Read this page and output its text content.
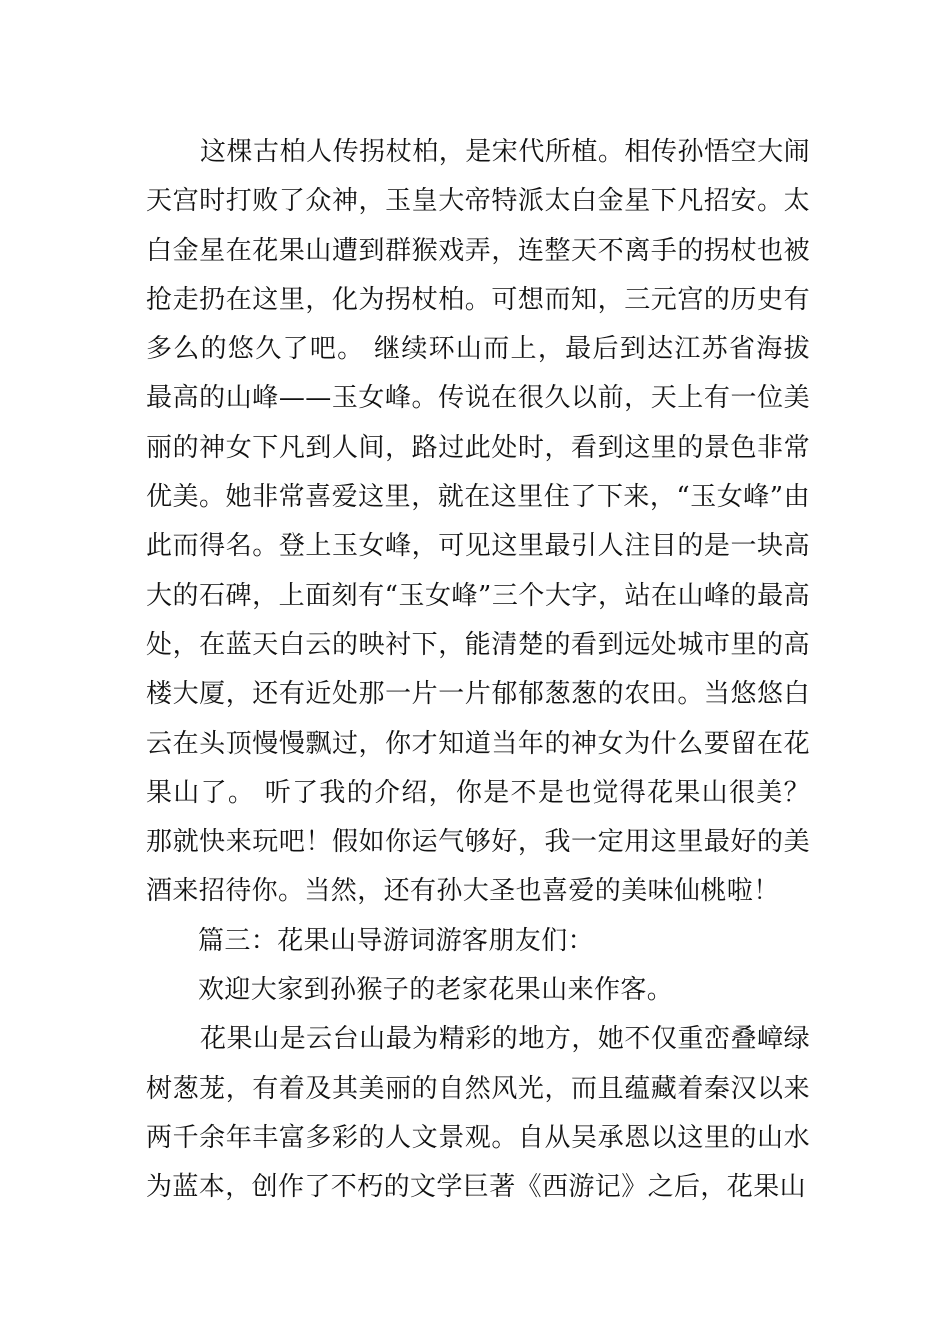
这棵古柏人传拐杖柏，是宋代所植。相传孙悟空大闹天宫时打败了众神，玉皇大帝特派太白金星下凡招安。太白金星在花果山遭到群猴戏弄，连整天不离手的拐杖也被抢走扔在这里，化为拐杖柏。可想而知，三元宫的历史有多么的悠久了吧。 继续环山而上，最后到达江苏省海拔最高的山峰——玉女峰。传说在很久以前，天上有一位美丽的神女下凡到人间，路过此处时，看到这里的景色非常优美。她非常喜爱这里，就在这里住了下来，“玉女峰”由此而得名。登上玉女峰，可见这里最引人注目的是一块高大的石碑，上面刻有“玉女峰”三个大字，站在山峰的最高处，在蓝天白云的映衬下，能清楚的看到远处城市里的高楼大厦，还有近处那一片一片郁郁葱葱的农田。当悠悠白云在头顶慢慢飘过，你才知道当年的神女为什么要留在花果山了。 听了我的介绍，你是不是也觉得花果山很美？那就快来玩吧！假如你运气够好，我一定用这里最好的美酒来招待你。当然，还有孙大圣也喜爱的美味仙桃啦！

篇三：花果山导游词游客朋友们：

欢迎大家到孙猴子的老家花果山来作客。

花果山是云台山最为精彩的地方，她不仅重峦叠嶂绿树葱茏，有着及其美丽的自然风光，而且蕴藏着秦汉以来两千余年丰富多彩的人文景观。自从吴承恩以这里的山水为蓝本，创作了不朽的文学巨著《西游记》之后，花果山
